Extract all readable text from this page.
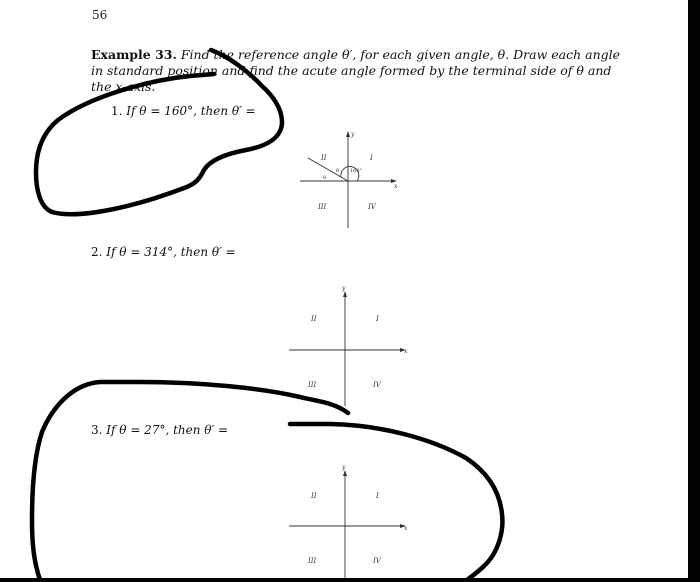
56
Example 33. Find the reference angle θ′, for each given angle, θ. Draw each angle in standard position and find the acute angle formed by the terminal side of θ and the x-axis.
1. If θ = 160°, then θ′ =
2. If θ = 314°, then θ′ =
3. If θ = 27°, then θ′ =
y
x
II	I
III	IV
θ
θ′
160°
y
x
II	I
III	IV
y
x
II	I
III	IV
